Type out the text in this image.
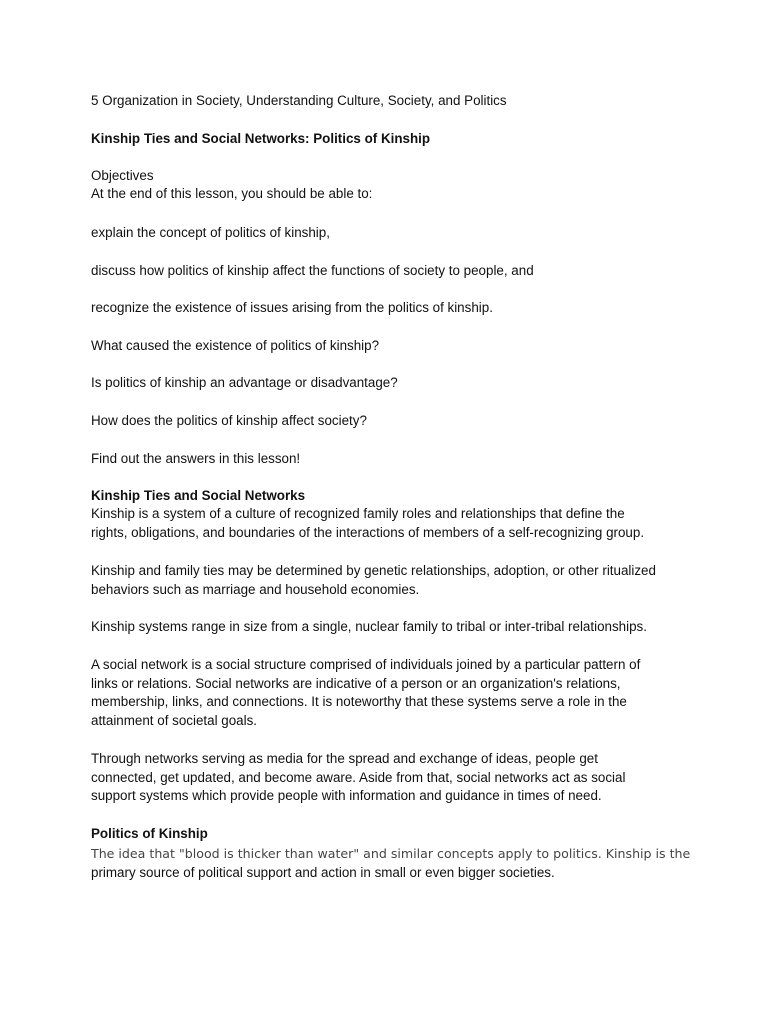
5 Organization in Society, Understanding Culture, Society, and Politics
Kinship Ties and Social Networks: Politics of Kinship
Objectives
At the end of this lesson, you should be able to:
explain the concept of politics of kinship,
discuss how politics of kinship affect the functions of society to people, and
recognize the existence of issues arising from the politics of kinship.
What caused the existence of politics of kinship?
Is politics of kinship an advantage or disadvantage?
How does the politics of kinship affect society?
Find out the answers in this lesson!
Kinship Ties and Social Networks
Kinship is a system of a culture of recognized family roles and relationships that define the
rights, obligations, and boundaries of the interactions of members of a self-recognizing group.
Kinship and family ties may be determined by genetic relationships, adoption, or other ritualized
behaviors such as marriage and household economies.
Kinship systems range in size from a single, nuclear family to tribal or inter-tribal relationships.
A social network is a social structure comprised of individuals joined by a particular pattern of
links or relations. Social networks are indicative of a person or an organization's relations,
membership, links, and connections. It is noteworthy that these systems serve a role in the
attainment of societal goals.
Through networks serving as media for the spread and exchange of ideas, people get
connected, get updated, and become aware. Aside from that, social networks act as social
support systems which provide people with information and guidance in times of need.
Politics of Kinship
The idea that "blood is thicker than water" and similar concepts apply to politics. Kinship is the
primary source of political support and action in small or even bigger societies.
